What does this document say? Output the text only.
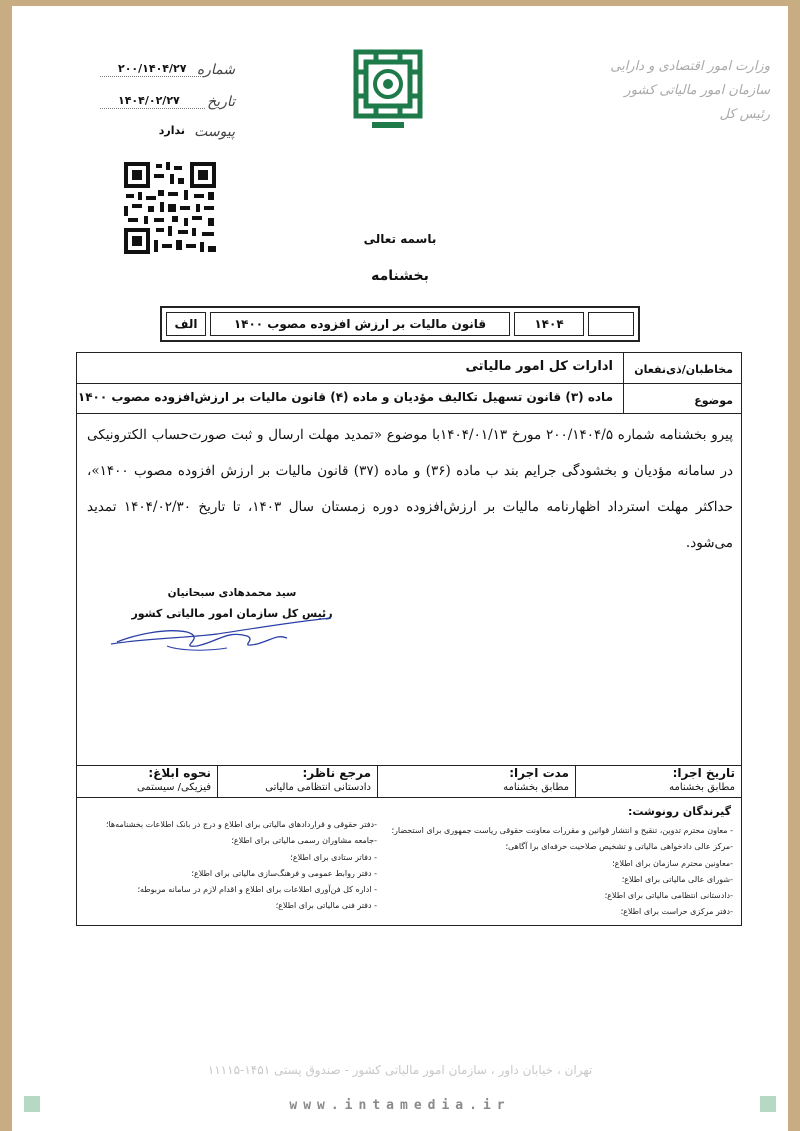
وزارت امور اقتصادی و دارایی
سازمان امور مالیاتی کشور
رئیس کل
شماره
۲۰۰/۱۴۰۴/۲۷
تاریخ
۱۴۰۴/۰۲/۲۷
پیوست
ندارد
باسمه تعالی
بخشنامه
الف	قانون مالیات بر ارزش افزوده مصوب ۱۴۰۰	۱۴۰۴
مخاطبان/ذی‌نفعان
ادارات کل امور مالیاتی
موضوع
ماده (۳) قانون تسهیل تکالیف مؤدیان و ماده (۴) قانون مالیات بر ارزش‌افزوده مصوب ۱۴۰۰
پیرو بخشنامه شماره ۲۰۰/۱۴۰۴/۵ مورخ ۱۴۰۴/۰۱/۱۳با موضوع «تمدید مهلت ارسال و ثبت صورت‌حساب الکترونیکی در سامانه مؤدیان و بخشودگی جرایم بند ب ماده (۳۶) و ماده (۳۷) قانون مالیات بر ارزش افزوده مصوب ۱۴۰۰»، حداکثر مهلت استرداد اظهارنامه مالیات بر ارزش‌افزوده دوره زمستان سال ۱۴۰۳، تا تاریخ ۱۴۰۴/۰۲/۳۰ تمدید می‌شود.
سید محمدهادی سبحانیان
رئیس کل سازمان امور مالیاتی کشور
تاریخ اجرا:
مطابق بخشنامه
مدت اجرا:
مطابق بخشنامه
مرجع ناظر:
دادستانی انتظامی مالیاتی
نحوه ابلاغ:
فیزیکی/ سیستمی
گیرندگان رونوشت:
- معاون محترم تدوین، تنقیح و انتشار قوانین و مقررات معاونت حقوقی ریاست جمهوری برای استحضار؛
-مرکز عالی دادخواهی مالیاتی و تشخیص صلاحیت حرفه‌ای برا آگاهی؛
-معاونین محترم سازمان برای اطلاع؛
-شورای عالی مالیاتی برای اطلاع؛
-دادستانی انتظامی مالیاتی برای اطلاع؛
-دفتر مرکزی حراست برای اطلاع؛
-دفتر حقوقی و قراردادهای مالیاتی برای اطلاع و درج در بانک اطلاعات بخشنامه‌ها؛
-جامعه مشاوران رسمی مالیاتی برای اطلاع؛
- دفاتر ستادی برای اطلاع؛
- دفتر روابط عمومی و فرهنگ‌سازی مالیاتی برای اطلاع؛
- اداره کل فن‌آوری اطلاعات برای اطلاع و اقدام لازم در سامانه مربوطه؛
- دفتر فنی مالیاتی برای اطلاع؛
تهران ، خیابان داور ، سازمان امور مالیاتی کشور - صندوق پستی ۱۴۵۱-۱۱۱۱۵
www.intamedia.ir
